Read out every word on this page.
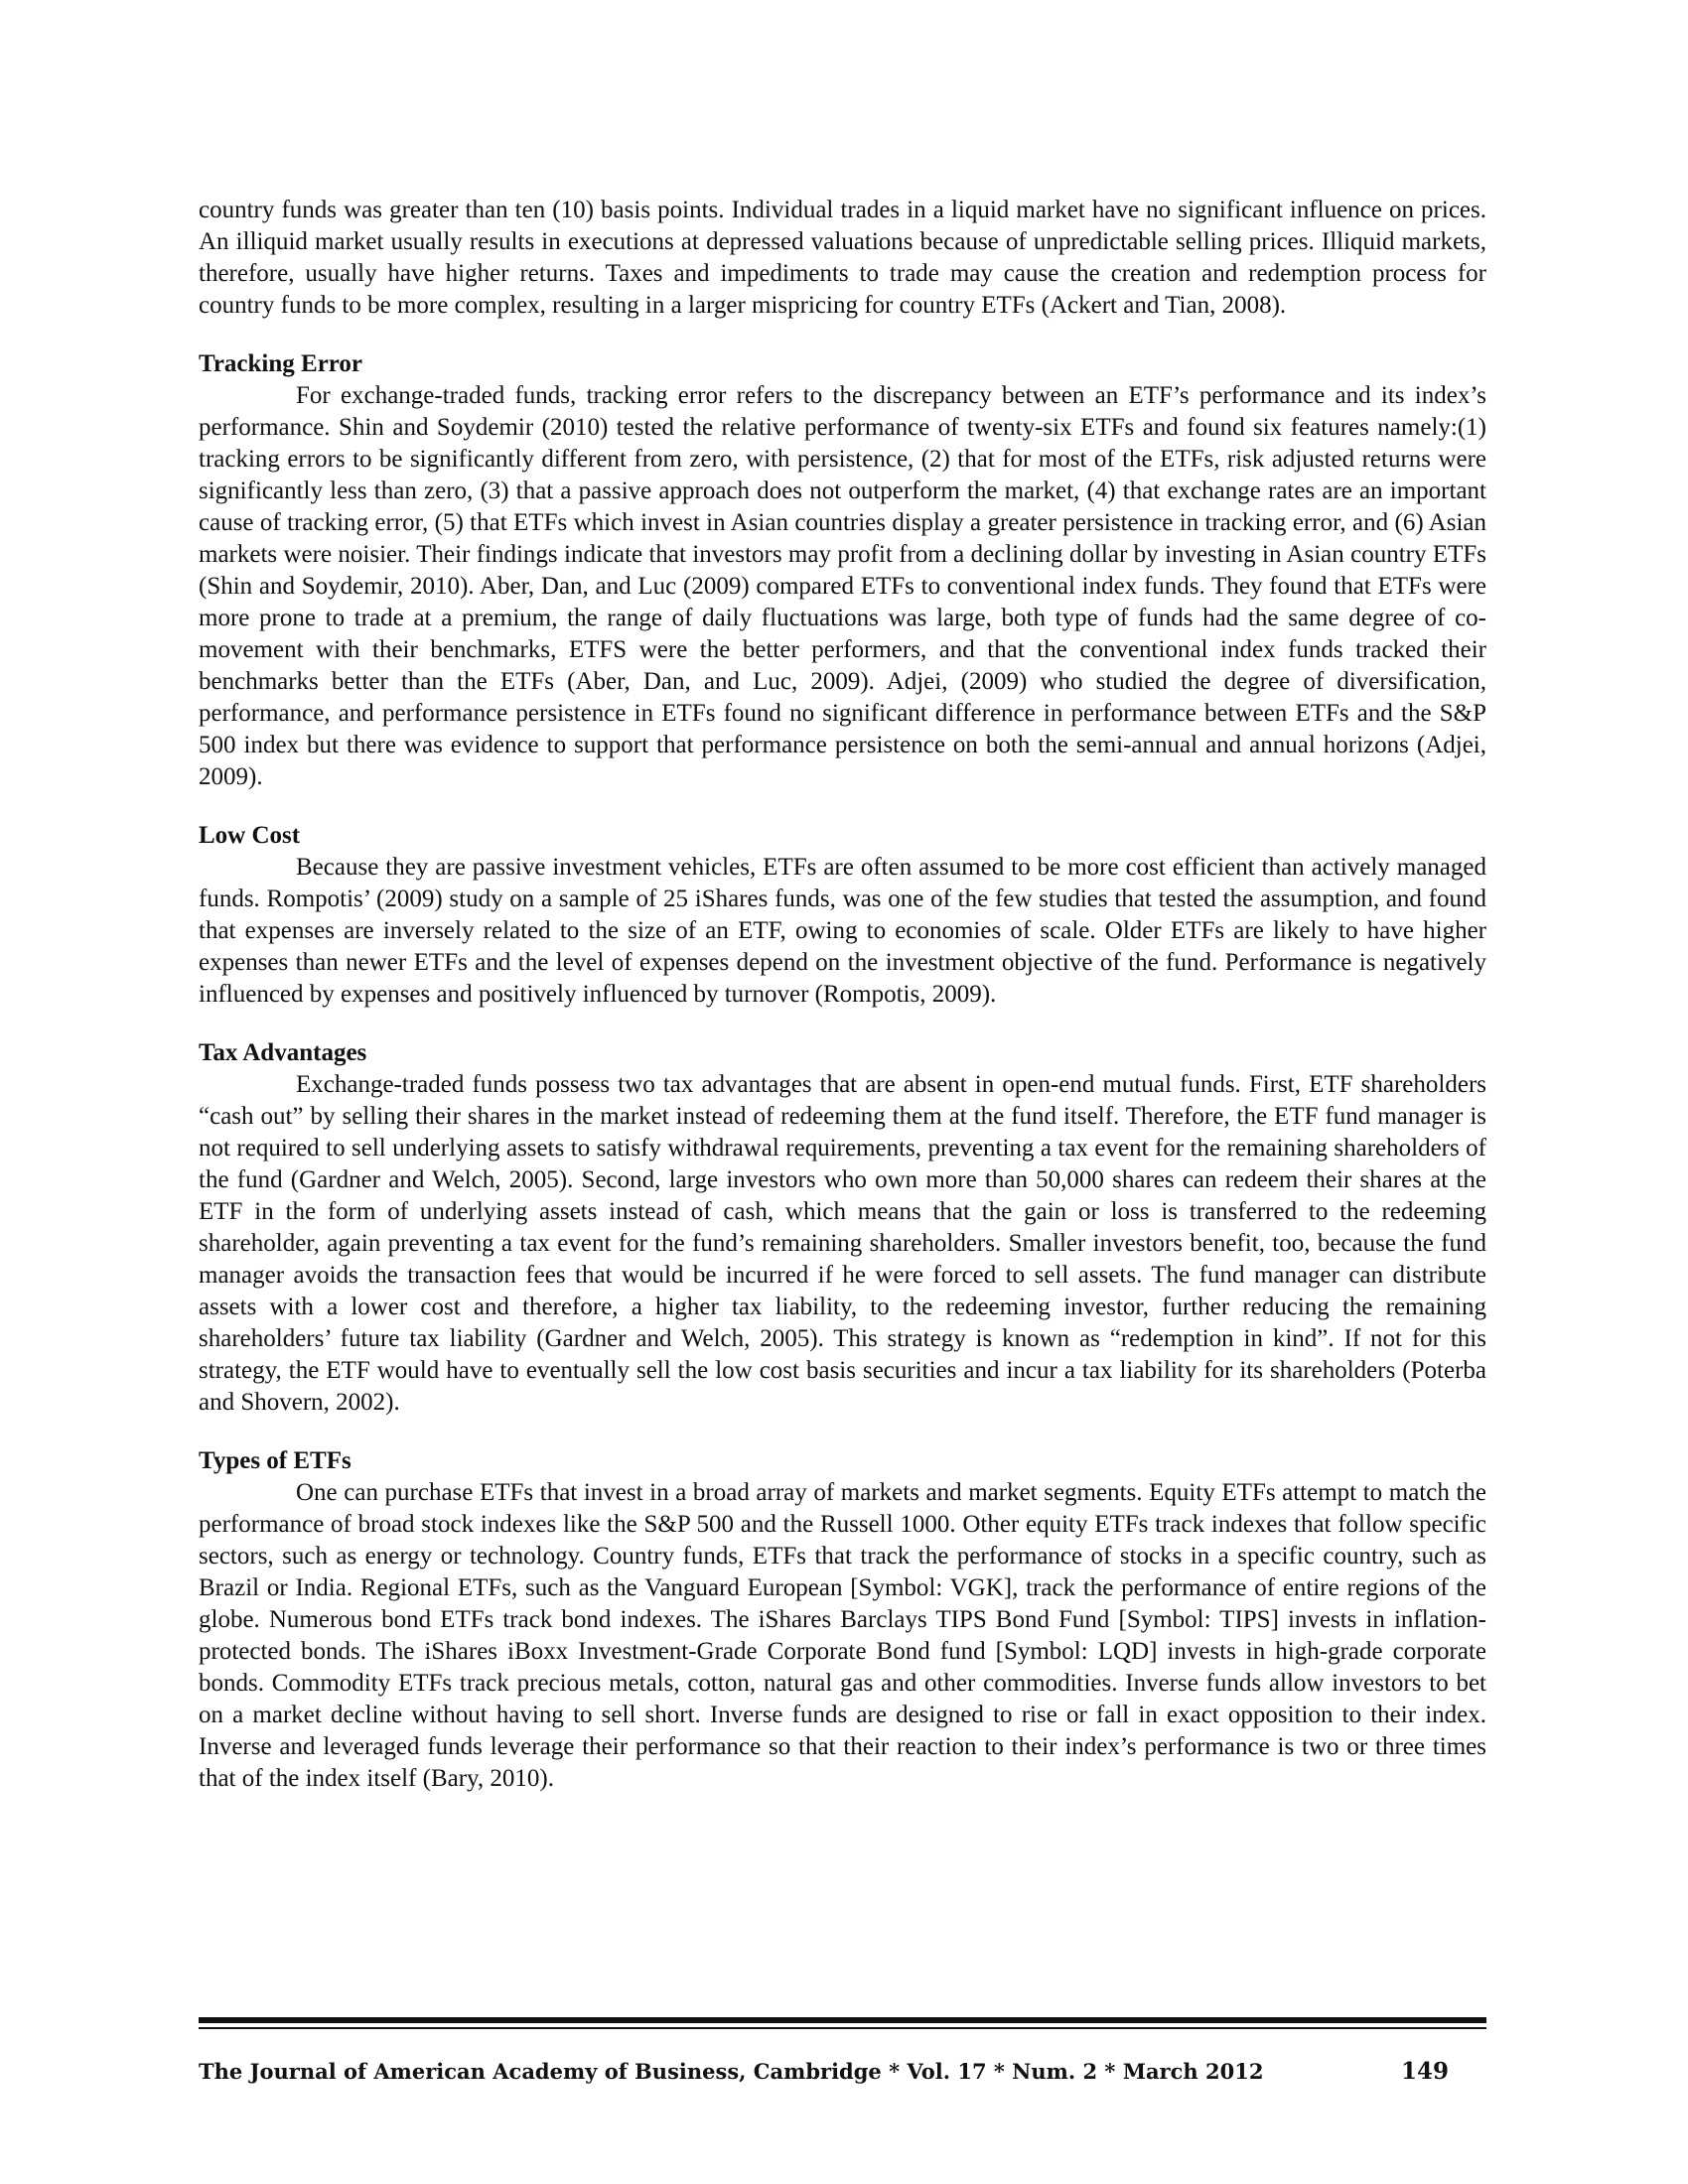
country funds was greater than ten (10) basis points. Individual trades in a liquid market have no significant influence on prices. An illiquid market usually results in executions at depressed valuations because of unpredictable selling prices. Illiquid markets, therefore, usually have higher returns. Taxes and impediments to trade may cause the creation and redemption process for country funds to be more complex, resulting in a larger mispricing for country ETFs (Ackert and Tian, 2008).

Tracking Error

For exchange-traded funds, tracking error refers to the discrepancy between an ETF’s performance and its index’s performance. Shin and Soydemir (2010) tested the relative performance of twenty-six ETFs and found six features namely:(1) tracking errors to be significantly different from zero, with persistence, (2) that for most of the ETFs, risk adjusted returns were significantly less than zero, (3) that a passive approach does not outperform the market, (4) that exchange rates are an important cause of tracking error, (5) that ETFs which invest in Asian countries display a greater persistence in tracking error, and (6) Asian markets were noisier. Their findings indicate that investors may profit from a declining dollar by investing in Asian country ETFs (Shin and Soydemir, 2010). Aber, Dan, and Luc (2009) compared ETFs to conventional index funds. They found that ETFs were more prone to trade at a premium, the range of daily fluctuations was large, both type of funds had the same degree of co-movement with their benchmarks, ETFS were the better performers, and that the conventional index funds tracked their benchmarks better than the ETFs (Aber, Dan, and Luc, 2009). Adjei, (2009) who studied the degree of diversification, performance, and performance persistence in ETFs found no significant difference in performance between ETFs and the S&P 500 index but there was evidence to support that performance persistence on both the semi-annual and annual horizons (Adjei, 2009).

Low Cost

Because they are passive investment vehicles, ETFs are often assumed to be more cost efficient than actively managed funds. Rompotis’ (2009) study on a sample of 25 iShares funds, was one of the few studies that tested the assumption, and found that expenses are inversely related to the size of an ETF, owing to economies of scale. Older ETFs are likely to have higher expenses than newer ETFs and the level of expenses depend on the investment objective of the fund. Performance is negatively influenced by expenses and positively influenced by turnover (Rompotis, 2009).

Tax Advantages

Exchange-traded funds possess two tax advantages that are absent in open-end mutual funds. First, ETF shareholders “cash out” by selling their shares in the market instead of redeeming them at the fund itself. Therefore, the ETF fund manager is not required to sell underlying assets to satisfy withdrawal requirements, preventing a tax event for the remaining shareholders of the fund (Gardner and Welch, 2005). Second, large investors who own more than 50,000 shares can redeem their shares at the ETF in the form of underlying assets instead of cash, which means that the gain or loss is transferred to the redeeming shareholder, again preventing a tax event for the fund’s remaining shareholders. Smaller investors benefit, too, because the fund manager avoids the transaction fees that would be incurred if he were forced to sell assets. The fund manager can distribute assets with a lower cost and therefore, a higher tax liability, to the redeeming investor, further reducing the remaining shareholders’ future tax liability (Gardner and Welch, 2005). This strategy is known as “redemption in kind”. If not for this strategy, the ETF would have to eventually sell the low cost basis securities and incur a tax liability for its shareholders (Poterba and Shovern, 2002).

Types of ETFs

One can purchase ETFs that invest in a broad array of markets and market segments. Equity ETFs attempt to match the performance of broad stock indexes like the S&P 500 and the Russell 1000. Other equity ETFs track indexes that follow specific sectors, such as energy or technology. Country funds, ETFs that track the performance of stocks in a specific country, such as Brazil or India. Regional ETFs, such as the Vanguard European [Symbol: VGK], track the performance of entire regions of the globe. Numerous bond ETFs track bond indexes. The iShares Barclays TIPS Bond Fund [Symbol: TIPS] invests in inflation-protected bonds. The iShares iBoxx Investment-Grade Corporate Bond fund [Symbol: LQD] invests in high-grade corporate bonds. Commodity ETFs track precious metals, cotton, natural gas and other commodities. Inverse funds allow investors to bet on a market decline without having to sell short. Inverse funds are designed to rise or fall in exact opposition to their index. Inverse and leveraged funds leverage their performance so that their reaction to their index’s performance is two or three times that of the index itself (Bary, 2010).

The Journal of American Academy of Business, Cambridge * Vol. 17 * Num. 2 * March 2012	149
